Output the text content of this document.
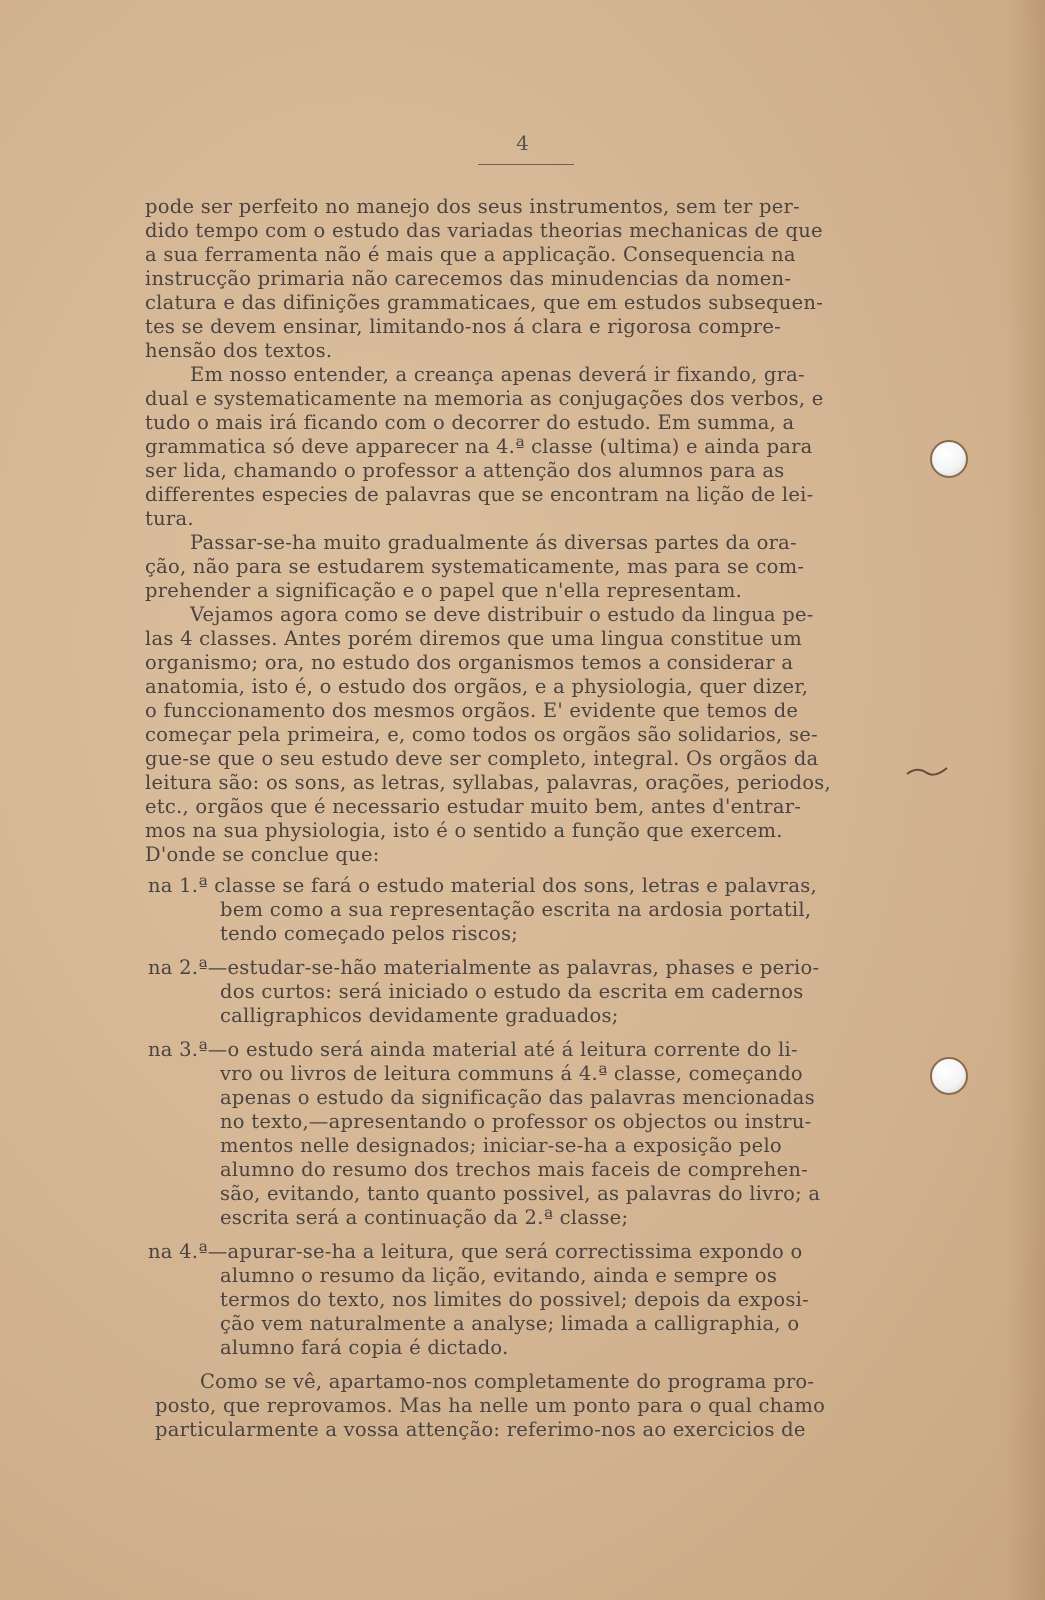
4
pode ser perfeito no manejo dos seus instrumentos, sem ter per-
dido tempo com o estudo das variadas theorias mechanicas de que
a sua ferramenta não é mais que a applicação. Consequencia na
instrucção primaria não carecemos das minudencias da nomen-
clatura e das difinições grammaticaes, que em estudos subsequen-
tes se devem ensinar, limitando-nos á clara e rigorosa compre-
hensão dos textos.
Em nosso entender, a creança apenas deverá ir fixando, gra-
dual e systematicamente na memoria as conjugações dos verbos, e
tudo o mais irá ficando com o decorrer do estudo. Em summa, a
grammatica só deve apparecer na 4.ª classe (ultima) e ainda para
ser lida, chamando o professor a attenção dos alumnos para as
differentes especies de palavras que se encontram na lição de lei-
tura.
Passar-se-ha muito gradualmente ás diversas partes da ora-
ção, não para se estudarem systematicamente, mas para se com-
prehender a significação e o papel que n'ella representam.
Vejamos agora como se deve distribuir o estudo da lingua pe-
las 4 classes. Antes porém diremos que uma lingua constitue um
organismo; ora, no estudo dos organismos temos a considerar a
anatomia, isto é, o estudo dos orgãos, e a physiologia, quer dizer,
o funccionamento dos mesmos orgãos. E' evidente que temos de
começar pela primeira, e, como todos os orgãos são solidarios, se-
gue-se que o seu estudo deve ser completo, integral. Os orgãos da
leitura são: os sons, as letras, syllabas, palavras, orações, periodos,
etc., orgãos que é necessario estudar muito bem, antes d'entrar-
mos na sua physiologia, isto é o sentido a função que exercem.
D'onde se conclue que:
na 1.ª classe se fará o estudo material dos sons, letras e palavras,
bem como a sua representação escrita na ardosia portatil,
tendo começado pelos riscos;
na 2.ª—estudar-se-hão materialmente as palavras, phases e perio-
dos curtos: será iniciado o estudo da escrita em cadernos
calligraphicos devidamente graduados;
na 3.ª—o estudo será ainda material até á leitura corrente do li-
vro ou livros de leitura communs á 4.ª classe, começando
apenas o estudo da significação das palavras mencionadas
no texto,—apresentando o professor os objectos ou instru-
mentos nelle designados; iniciar-se-ha a exposição pelo
alumno do resumo dos trechos mais faceis de comprehen-
são, evitando, tanto quanto possivel, as palavras do livro; a
escrita será a continuação da 2.ª classe;
na 4.ª—apurar-se-ha a leitura, que será correctissima expondo o
alumno o resumo da lição, evitando, ainda e sempre os
termos do texto, nos limites do possivel; depois da exposi-
ção vem naturalmente a analyse; limada a calligraphia, o
alumno fará copia é dictado.
Como se vê, apartamo-nos completamente do programa pro-
posto, que reprovamos. Mas ha nelle um ponto para o qual chamo
particularmente a vossa attenção: referimo-nos ao exercicios de
